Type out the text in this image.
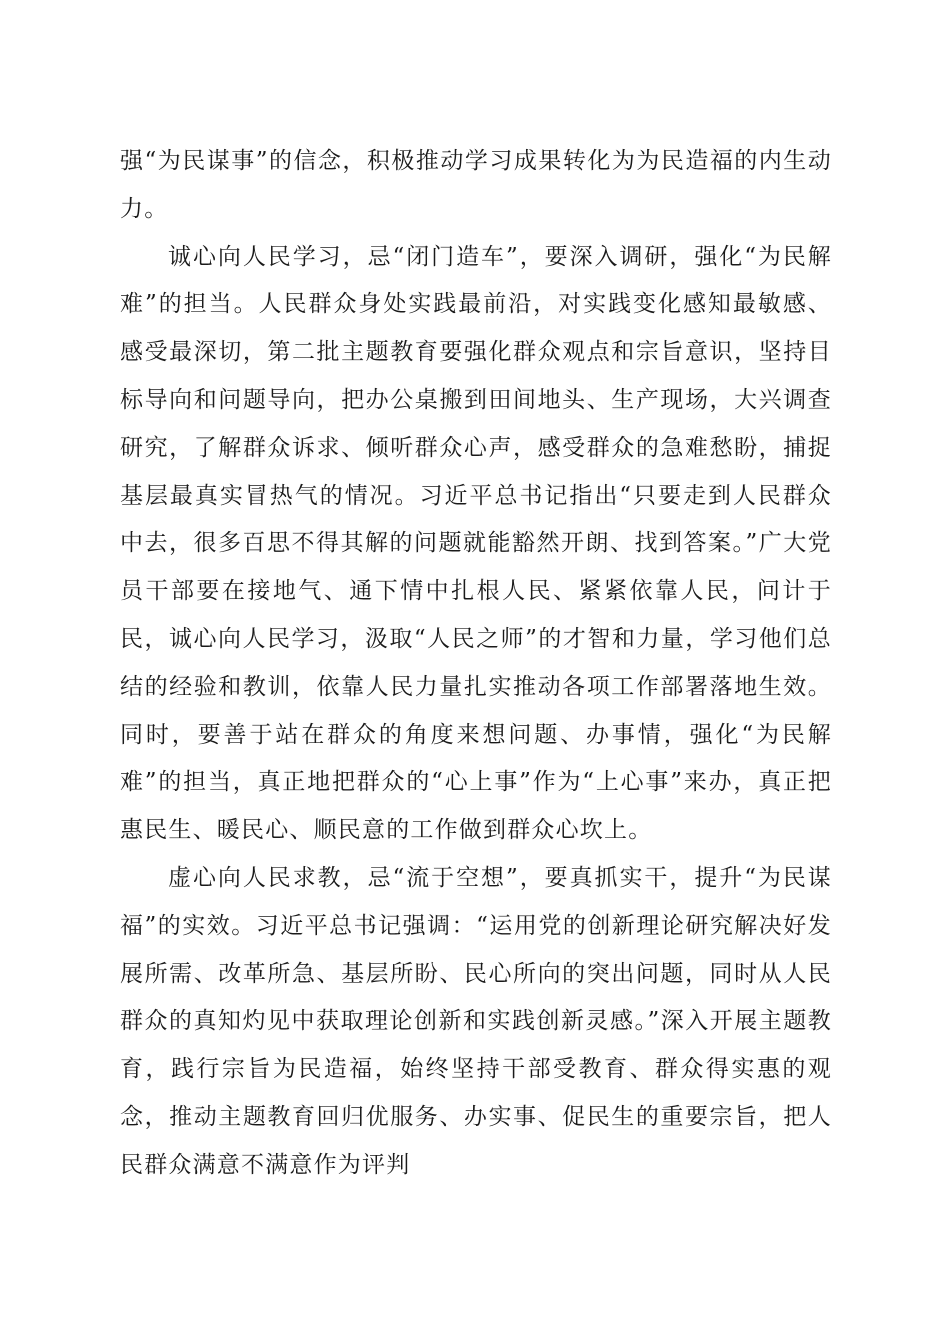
强“为民谋事”的信念，积极推动学习成果转化为为民造福的内生动力。

诚心向人民学习，忌“闭门造车”，要深入调研，强化“为民解难”的担当。人民群众身处实践最前沿，对实践变化感知最敏感、感受最深切，第二批主题教育要强化群众观点和宗旨意识，坚持目标导向和问题导向，把办公桌搬到田间地头、生产现场，大兴调查研究，了解群众诉求、倾听群众心声，感受群众的急难愁盼，捕捉基层最真实冒热气的情况。习近平总书记指出“只要走到人民群众中去，很多百思不得其解的问题就能豁然开朗、找到答案。”广大党员干部要在接地气、通下情中扎根人民、紧紧依靠人民，问计于民，诚心向人民学习，汲取“人民之师”的才智和力量，学习他们总结的经验和教训，依靠人民力量扎实推动各项工作部署落地生效。同时，要善于站在群众的角度来想问题、办事情，强化“为民解难”的担当，真正地把群众的“心上事”作为“上心事”来办，真正把惠民生、暖民心、顺民意的工作做到群众心坎上。

虚心向人民求教，忌“流于空想”，要真抓实干，提升“为民谋福”的实效。习近平总书记强调：“运用党的创新理论研究解决好发展所需、改革所急、基层所盼、民心所向的突出问题，同时从人民群众的真知灼见中获取理论创新和实践创新灵感。”深入开展主题教育，践行宗旨为民造福，始终坚持干部受教育、群众得实惠的观念，推动主题教育回归优服务、办实事、促民生的重要宗旨，把人民群众满意不满意作为评判
